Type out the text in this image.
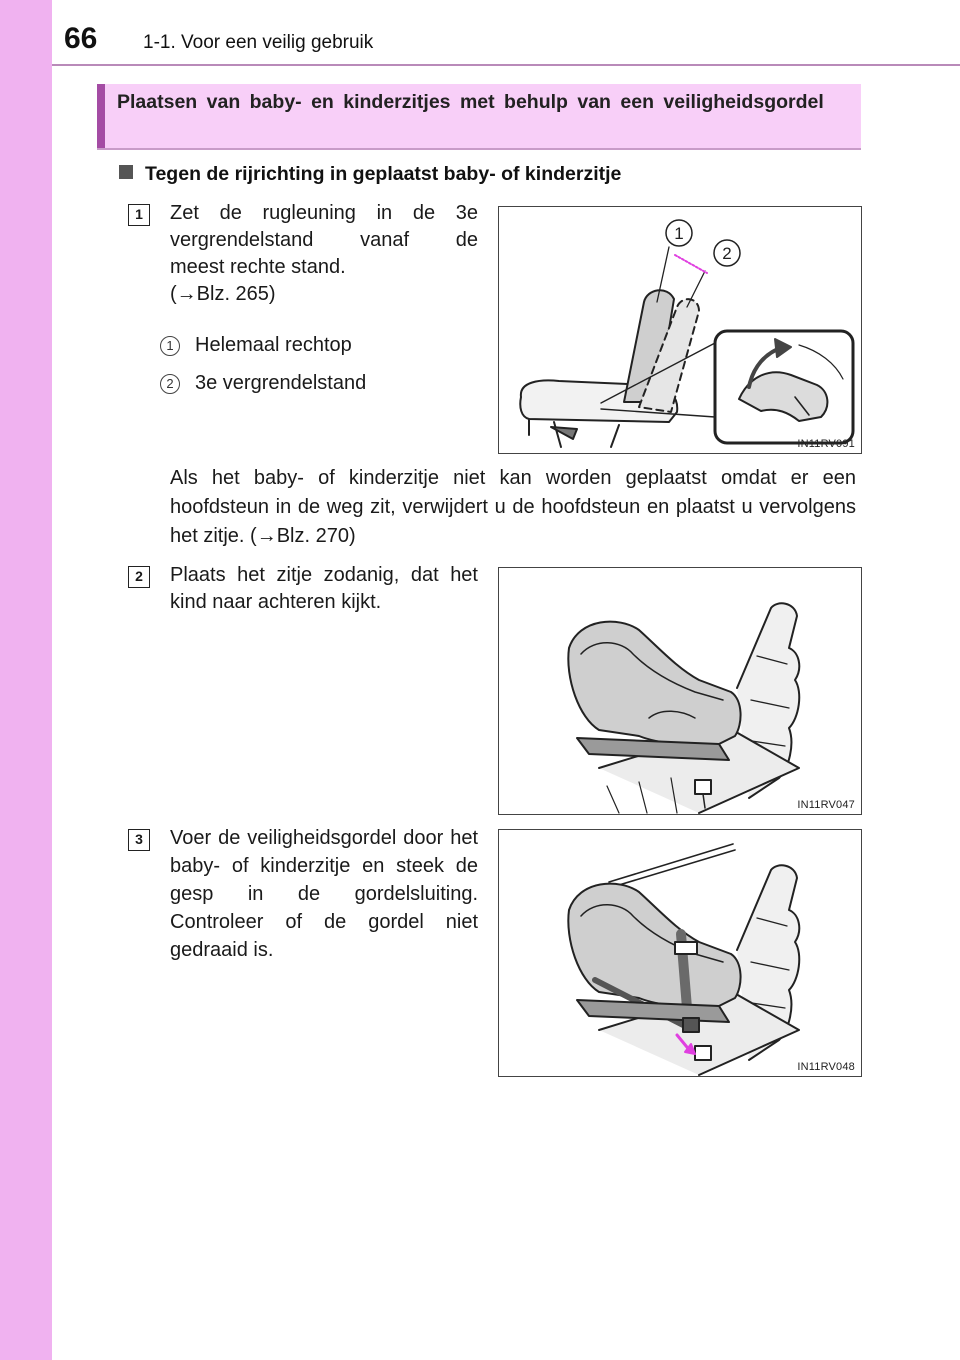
66 1-1. Voor een veilig gebruik
Plaatsen van baby- en kinderzitjes met behulp van een veiligheidsgordel
Tegen de rijrichting in geplaatst baby- of kinderzitje
1	Zet de rugleuning in de 3e
vergrendelstand vanaf de
meest rechte stand.
(→Blz. 265)
1	Helemaal rechtop
2	3e vergrendelstand
1
2
IN11RV091
Als het baby- of kinderzitje niet kan worden geplaatst omdat er een hoofdsteun in de weg zit, verwijdert u de hoofdsteun en plaatst u vervolgens het zitje. (→Blz. 270)
2	Plaats het zitje zodanig, dat het kind naar achteren kijkt.
IN11RV047
3	Voer de veiligheidsgordel door het baby- of kinderzitje en steek de gesp in de gordelsluiting. Controleer of de gordel niet gedraaid is.
IN11RV048
